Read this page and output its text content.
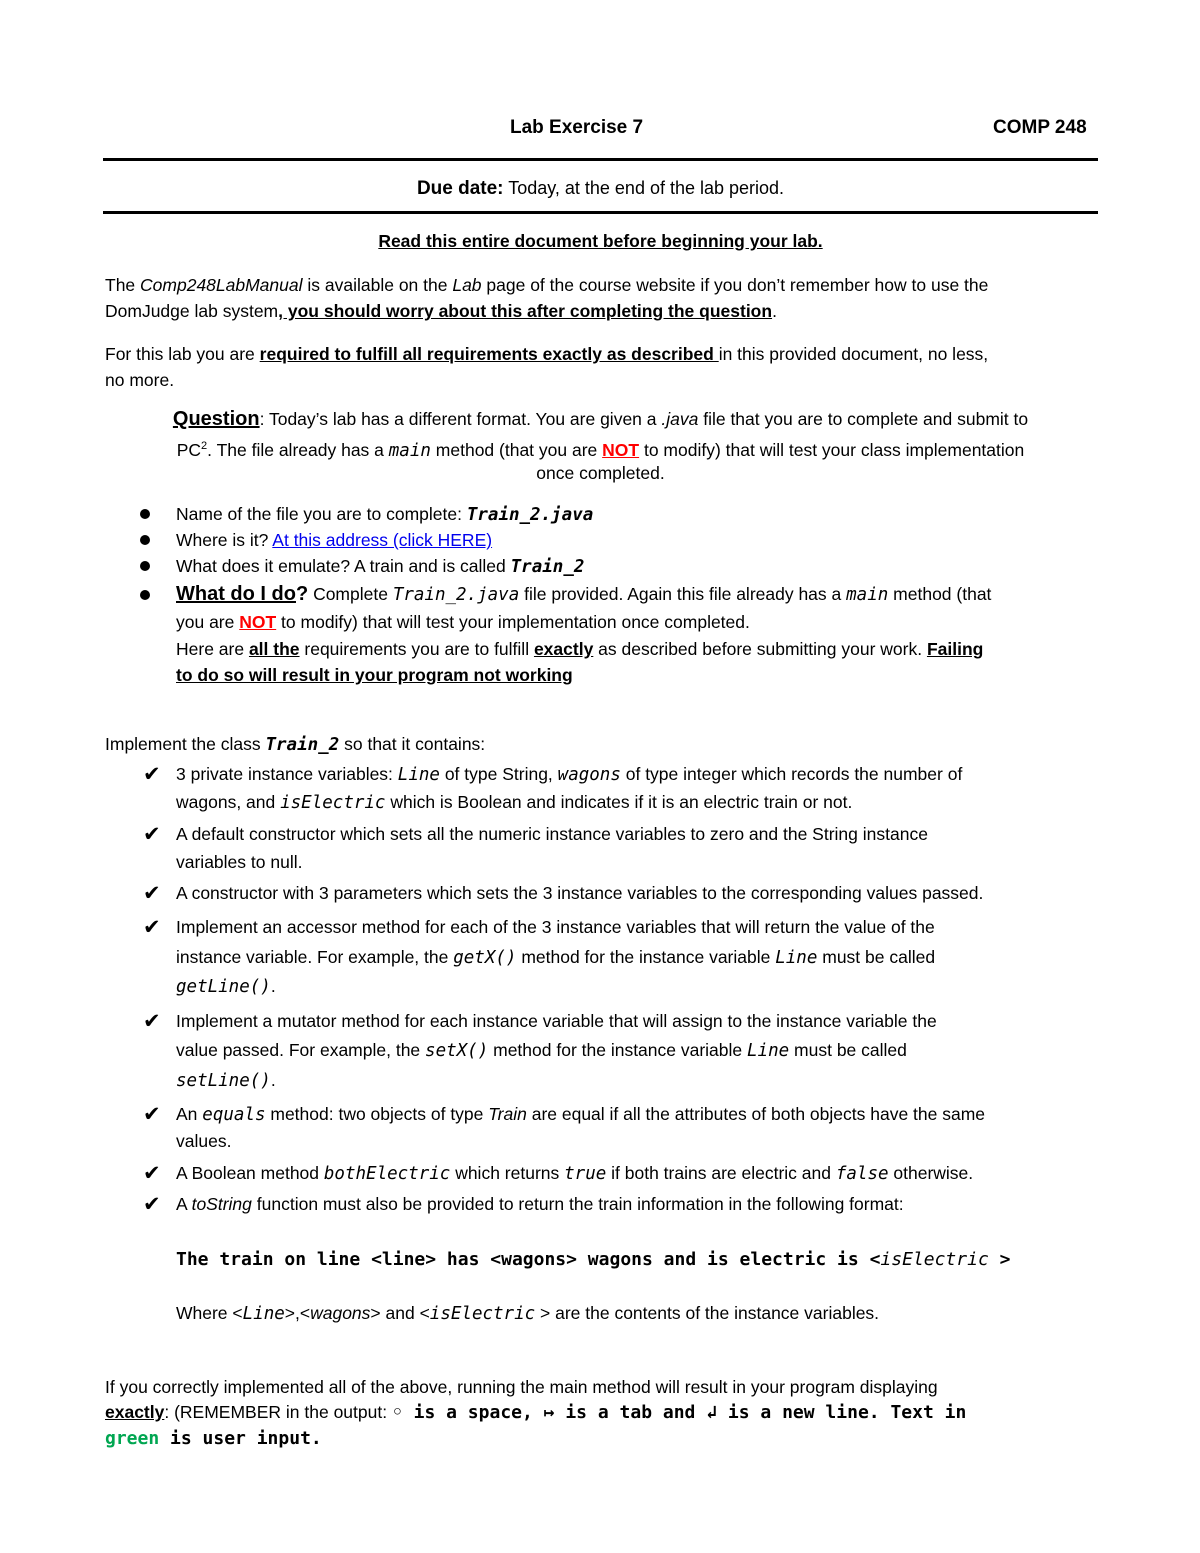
Lab Exercise 7	COMP 248
Due date: Today, at the end of the lab period.
Read this entire document before beginning your lab.
The Comp248LabManual is available on the Lab page of the course website if you don’t remember how to use the
DomJudge lab system, you should worry about this after completing the question.
For this lab you are required to fulfill all requirements exactly as described in this provided document, no less,
no more.
Question: Today’s lab has a different format. You are given a .java file that you are to complete and submit to
$PC^2$. The file already has a main method (that you are NOT to modify) that will test your class implementation
once completed.
Name of the file you are to complete: Train_2.java
Where is it? At this address (click HERE)
What does it emulate? A train and is called Train_2
What do I do? Complete Train_2.java file provided. Again this file already has a main method (that
you are NOT to modify) that will test your implementation once completed.
Here are all the requirements you are to fulfill exactly as described before submitting your work. Failing
to do so will result in your program not working
Implement the class Train_2 so that it contains:
✔ 3 private instance variables: Line of type String, wagons of type integer which records the number of
wagons, and isElectric which is Boolean and indicates if it is an electric train or not.
✔ A default constructor which sets all the numeric instance variables to zero and the String instance
variables to null.
✔ A constructor with 3 parameters which sets the 3 instance variables to the corresponding values passed.
✔ Implement an accessor method for each of the 3 instance variables that will return the value of the
instance variable. For example, the getX() method for the instance variable Line must be called
getLine().
✔ Implement a mutator method for each instance variable that will assign to the instance variable the
value passed. For example, the setX() method for the instance variable Line must be called
setLine().
✔ An equals method: two objects of type Train are equal if all the attributes of both objects have the same
values.
✔ A Boolean method bothElectric which returns true if both trains are electric and false otherwise.
✔ A toString function must also be provided to return the train information in the following format:
The train on line <line> has <wagons> wagons and is electric is <isElectric >
Where <Line>,<wagons> and <isElectric > are the contents of the instance variables.
If you correctly implemented all of the above, running the main method will result in your program displaying
exactly: (REMEMBER in the output: ◦ is a space, ↦ is a tab and ↲ is a new line. Text in
green is user input.
